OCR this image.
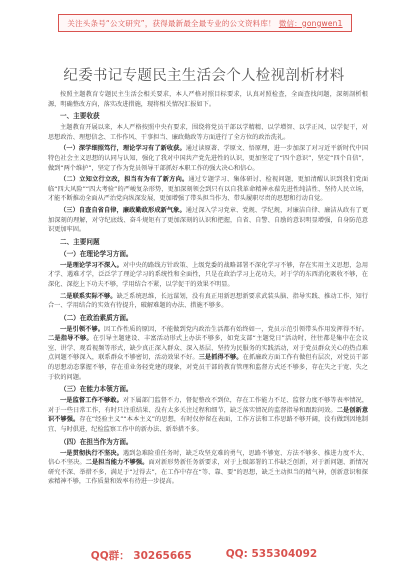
关注头条号“公文研究”，获得最新最全最专业的公文资料库！ 微信：gongwen1
纪委书记专题民主生活会个人检视剖析材料

按照主题教育专题民主生活会相关要求，本人严格对照目标要求，认真对照检查，全面查找问题，深刻剖析根源，明确整改方向，落实改进措施，现将相关情况汇报如下。

一、主要收获

主题教育开展以来，本人严格按照中央有要求，围绕将党员干部以学精精、以学增智、以学正风、以学促干，对思想政治、理想信念、工作作风、干事担当、廉政勤政等方面进行了全方位的政治洗礼。

（一）深学细照笃行，理论学习有了新收获。通过读原著、学原文、悟原理，进一步加深了对习近平新时代中国特色社会主义思想的认同与认知，强化了我对中国共产党先进性的认识，更加坚定了“四个意识”，坚定“四个自信”，做到“两个维护”，坚定了作为党员领导干部抓好本职工作的强大决心和信心。

（二）立知立行立改，担当有为有了新方向。通过专题学习、集体研讨、检视问题，更加清醒认识到我们党面临“四大风险”“四大考验”的严峻复杂形势，更加深刻领会到只有以自我革命精神永葆先进性纯洁性、坚持人民立场，才能不断推动全面从严治党向纵深发展，更加增强了带头担当作为、带头履职尽责的思想和行动自觉。

（三）自查自省自律，廉政勤政形成新气象。通过深入学习党章、党规、学纪规，对廉洁自律、廉洁从政有了更加深刻的理解，对守纪底线、奋斗规矩有了更加深刻的认识和把握，自省、自警、自励的意识明显增强，自身防范意识更加牢固。

二、主要问题
（一）在理论学习方面。

一是理论学习不深入。对中央的路线方针政策、上级党委的战略部署不深化学习不够，存在实用主义思想，急用才学、遇难才学，泛泛学了理论学习的系统性和全面性，只是在政治学习上花功夫，对于学的东西消化吸收不够，在深化、深挖上下功夫不够，学用结合不紧，以学促干的效果不明显。

二是联系实际不够。缺乏系统思维，长远谋划，没有真正用新思想新要求武装头脑、指导实践、推动工作，知行合一、学用结合的实效有待提升，破解难题的办法、措施不够多。

（二）在政治素质方面。

一是引领不够。因工作性质的原因，不能做到党内政治生活都有始终如一，党员示范引领带头作用发挥得不好。二是指导不够。在引导主题建设、丰富活动形式上办法不够多，如党支部“主题党日”活动时，往往都是集中在会议室、讲学、观看视频等形式，缺少真正深入群众、深入基层、坚持为民服务的实践活动，对于党员群众关心的热点难点问题不够深入，联系群众不够密切，活动效果不好。三是抓得不够。在抓廉政方面工作有做但有层次，对党员干部的思想动态掌握不够，存在重业务轻党建的现象，对党员干部的教育管理和监督方式还不够多，存在失之于宽、失之于软的问题。

（三）在能力本领方面。

一是监督工作不够敢。对下属部门监督不力，督促整改不到位，存在工作能力不足、监督力度不够等表率情况，对于一些日常工作，有时只注重结果、没有太多关注过程和细节，缺乏落实情况的监督指导和跟踪问效。二是创新意识不够强。存在“经验主义”“本本主义”的思想，有时仅停留在表面，工作方法和工作思路不够开阔，没有做到因地制宜、与时俱进，纪检监察工作中的新办法、新举措不多。

（四）在担当作为方面。

一是贯彻执行不坚决。遇到急难险重任务时，缺乏攻坚克难的勇气，思路不够宽、方法不够多、推进力度不大、信心不坚决。二是担当能力不够强。面对新形势新任务新要求，对于上级部署的工作缺乏创新，对于新问题、新情况研究不深、举措不多，满足于“过得去”，在工作中存在“等、靠、要”的思想，缺乏主动担当的精气神，创新意识和探索精神不够，工作质量和效率有待进一步提高。

QQ群： 30265665	QQ: 535304092
